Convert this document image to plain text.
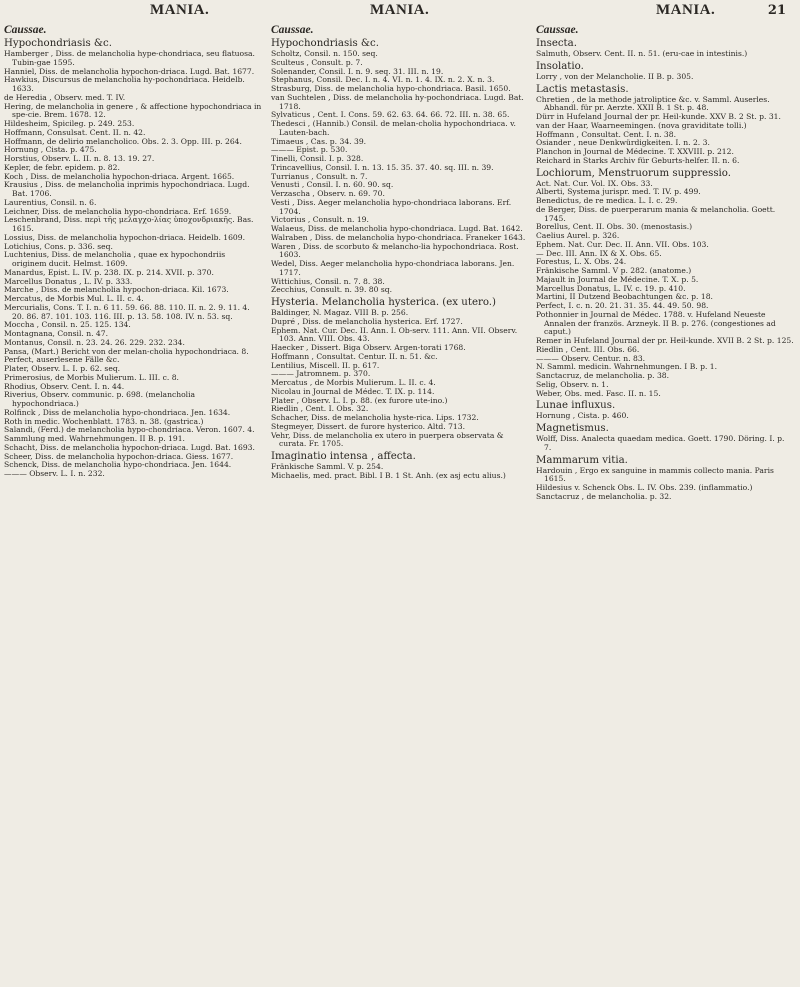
MANIA.	MANIA.	MANIA.	21
Caussae.
Hypochondriasis &c.
Hamberger , Diss. de melancholia hype-chondriaca, seu flatuosa. Tubin-gae 1595.
Hanniel, Diss. de melancholia hypochon-driaca. Lugd. Bat. 1677.
Hawkius, Discursus de melancholia hy-pochondriaca. Heidelb. 1633.
de Heredia , Observ. med. T. IV.
Hering, de melancholia in genere , & affectione hypochondriaca in spe-cie. Brem. 1678. 12.
Hildesheim, Spicileg. p. 249. 253.
Hoffmann, Consulsat. Cent. II. n. 42.
Hoffmann, de delirio melancholico. Obs. 2. 3. Opp. III. p. 264.
Hornung , Cista. p. 475.
Horstius, Observ. L. II. n. 8. 13. 19. 27.
Kepler, de febr. epidem. p. 82.
Koch , Diss. de melancholia hypochon-driaca. Argent. 1665.
Krausius , Diss. de melancholia inprimis hypochondriaca. Lugd. Bat. 1706.
Laurentius, Consil. n. 6.
Leichner, Diss. de melancholia hypo-chondriaca. Erf. 1659.
Leschenbrand, Diss. περὶ τῆς μελαγχο-λίας ὑποχονδριακῆς. Bas. 1615.
Lossius, Diss. de melancholia hypochon-driaca. Heidelb. 1609.
Lotichius, Cons. p. 336. seq.
Luchtenius, Diss. de melancholia , quae ex hypochondriis originem ducit. Helmst. 1609.
Manardus, Epist. L. IV. p. 238. IX. p. 214. XVII. p. 370.
Marcellus Donatus , L. IV. p. 333.
Marche , Diss. de melancholia hypochon-driaca. Kil. 1673.
Mercatus, de Morbis Mul. L. II. c. 4.
Mercurialis, Cons. T. I. n. 6 11. 59. 66. 88. 110. II. n. 2. 9. 11. 4. 20. 86. 87. 101. 103. 116. III. p. 13. 58. 108. IV. n. 53. sq.
Moccha , Consil. n. 25. 125. 134.
Montagnana, Consil. n. 47.
Montanus, Consil. n. 23. 24. 26. 229. 232. 234.
Pansa, (Mart.) Bericht von der melan-cholia hypochondriaca. 8.
Perfect, auserlesene Fälle &c.
Plater, Observ. L. I. p. 62. seq.
Primerosius, de Morbis Mulierum. L. III. c. 8.
Rhodius, Observ. Cent. I. n. 44.
Riverius, Observ. communic. p. 698. (melancholia hypochondriaca.)
Rolfinck , Diss de melancholia hypo-chondriaca. Jen. 1634.
Roth in medic. Wochenblatt. 1783. n. 38. (gastrica.)
Salandi, (Ferd.) de melancholia hypo-chondriaca. Veron. 1607. 4.
Sammlung med. Wahrnehmungen. II B. p. 191.
Schacht, Diss. de melancholia hypochon-driaca. Lugd. Bat. 1693.
Scheer, Diss. de melancholia hypochon-driaca. Giess. 1677.
Schenck, Diss. de melancholia hypo-chondriaca. Jen. 1644.
——— Observ. L. I. n. 232.
Caussae.
Hypochondriasis &c.
Scholtz, Consil. n. 150. seq.
Sculteus , Consult. p. 7.
Solenander, Consil. I. n. 9. seq. 31. III. n. 19.
Stephanus, Consil. Dec. I. n. 4. VI. n. 1. 4. IX. n. 2. X. n. 3.
Strasburg, Diss. de melancholia hypo-chondriaca. Basil. 1650.
van Suchtelen , Diss. de melancholia hy-pochondriaca. Lugd. Bat. 1718.
Sylvaticus , Cent. I. Cons. 59. 62. 63. 64. 66. 72. III. n. 38. 65.
Thedesci , (Hannib.) Consil. de melan-cholia hypochondriaca. v. Lauten-bach.
Timaeus , Cas. p. 34. 39.
——— Epist. p. 530.
Tinelli, Consil. I. p. 328.
Trincavellius, Consil. I. n. 13. 15. 35. 37. 40. sq. III. n. 39.
Turrianus , Consult. n. 7.
Venusti , Consil. I. n. 60. 90. sq.
Verzascha , Observ. n. 69. 70.
Vesti , Diss. Aeger melancholia hypo-chondriaca laborans. Erf. 1704.
Victorius , Consult. n. 19.
Walaeus, Diss. de melancholia hypo-chondriaca. Lugd. Bat. 1642.
Walraben , Diss. de melancholia hypo-chondriaca. Franeker 1643.
Waren , Diss. de scorbuto & melancho-lia hypochondriaca. Rost. 1603.
Wedel, Diss. Aeger melancholia hypo-chondriaca laborans. Jen. 1717.
Wittichius, Consil. n. 7. 8. 38.
Zecchius, Consult. n. 39. 80 sq.
Hysteria. Melancholia hysterica. (ex utero.)
Baldinger, N. Magaz. VIII B. p. 256.
Dupré , Diss. de melancholia hysterica. Erf. 1727.
Ephem. Nat. Cur. Dec. II. Ann. I. Ob-serv. 111. Ann. VII. Observ. 103. Ann. VIII. Obs. 43.
Haecker , Dissert. Biga Observ. Argen-torati 1768.
Hoffmann , Consultat. Centur. II. n. 51. &c.
Lentilius, Miscell. II. p. 617.
——— Jatromnem. p. 370.
Mercatus , de Morbis Mulierum. L. II. c. 4.
Nicolau in Journal de Médec. T. IX. p. 114.
Plater , Observ. L. I. p. 88. (ex furore ute-ino.)
Riedlin , Cent. I. Obs. 32.
Schacher, Diss. de melancholia hyste-rica. Lips. 1732.
Stegmeyer, Dissert. de furore hysterico. Altd. 713.
Vehr, Diss. de melancholia ex utero in puerpera observata & curata. Fr. 1705.
Imaginatio intensa , affecta.
Fränkische Samml. V. p. 254.
Michaelis, med. pract. Bibl. I B. 1 St. Anh. (ex asj ectu alius.)
Caussae.
Insecta.
Salmuth, Observ. Cent. II. n. 51. (eru-cae in intestinis.)
Insolatio.
Lorry , von der Melancholie. II B. p. 305.
Lactis metastasis.
Chretien , de la methode jatroliptice &c. v. Samml. Auserles. Abhandl. für pr. Aerzte. XXII B. 1 St. p. 48.
Dürr in Hufeland Journal der pr. Heil-kunde. XXV B. 2 St. p. 31.
van der Haar, Waarneemingen. (nova graviditate tolli.)
Hoffmann , Consultat. Cent. I. n. 38.
Osiander , neue Denkwürdigkeiten. I. n. 2. 3.
Planchon in Journal de Médecine. T. XXVIII. p. 212.
Reichard in Starks Archiv für Geburts-helfer. II. n. 6.
Lochiorum, Menstruorum suppressio.
Act. Nat. Cur. Vol. IX. Obs. 33.
Alberti, Systema jurispr. med. T. IV. p. 499.
Benedictus, de re medica. L. I. c. 29.
de Berger, Diss. de puerperarum mania & melancholia. Goett. 1745.
Borellus, Cent. II. Obs. 30. (menostasis.)
Caelius Aurel. p. 326.
Ephem. Nat. Cur. Dec. II. Ann. VII. Obs. 103.
— Dec. III. Ann. IX & X. Obs. 65.
Forestus, L. X. Obs. 24.
Fränkische Samml. V p. 282. (anatome.)
Majault in Journal de Médecine. T. X. p. 5.
Marcellus Donatus, L. IV. c. 19. p. 410.
Martini, II Dutzend Beobachtungen &c. p. 18.
Perfect, I. c. n. 20. 21. 31. 35. 44. 49. 50. 98.
Pothonnier in Journal de Médec. 1788. v. Hufeland Neueste Annalen der französ. Arzneyk. II B. p. 276. (congestiones ad caput.)
Remer in Hufeland Journal der pr. Heil-kunde. XVII B. 2 St. p. 125.
Riedlin , Cent. III. Obs. 66.
——— Observ. Centur. n. 83.
N. Samml. medicin. Wahrnehmungen. I B. p. 1.
Sanctacruz, de melancholia. p. 38.
Selig, Observ. n. 1.
Weber, Obs. med. Fasc. II. n. 15.
Lunae influxus.
Hornung , Cista. p. 460.
Magnetismus.
Wolff, Diss. Analecta quaedam medica. Goett. 1790. Döring. I. p. 7.
Mammarum vitia.
Hardouin , Ergo ex sanguine in mammis collecto mania. Paris 1615.
Hildesius v. Schenck Obs. L. IV. Obs. 239. (inflammatio.)
Sanctacruz , de melancholia. p. 32.
